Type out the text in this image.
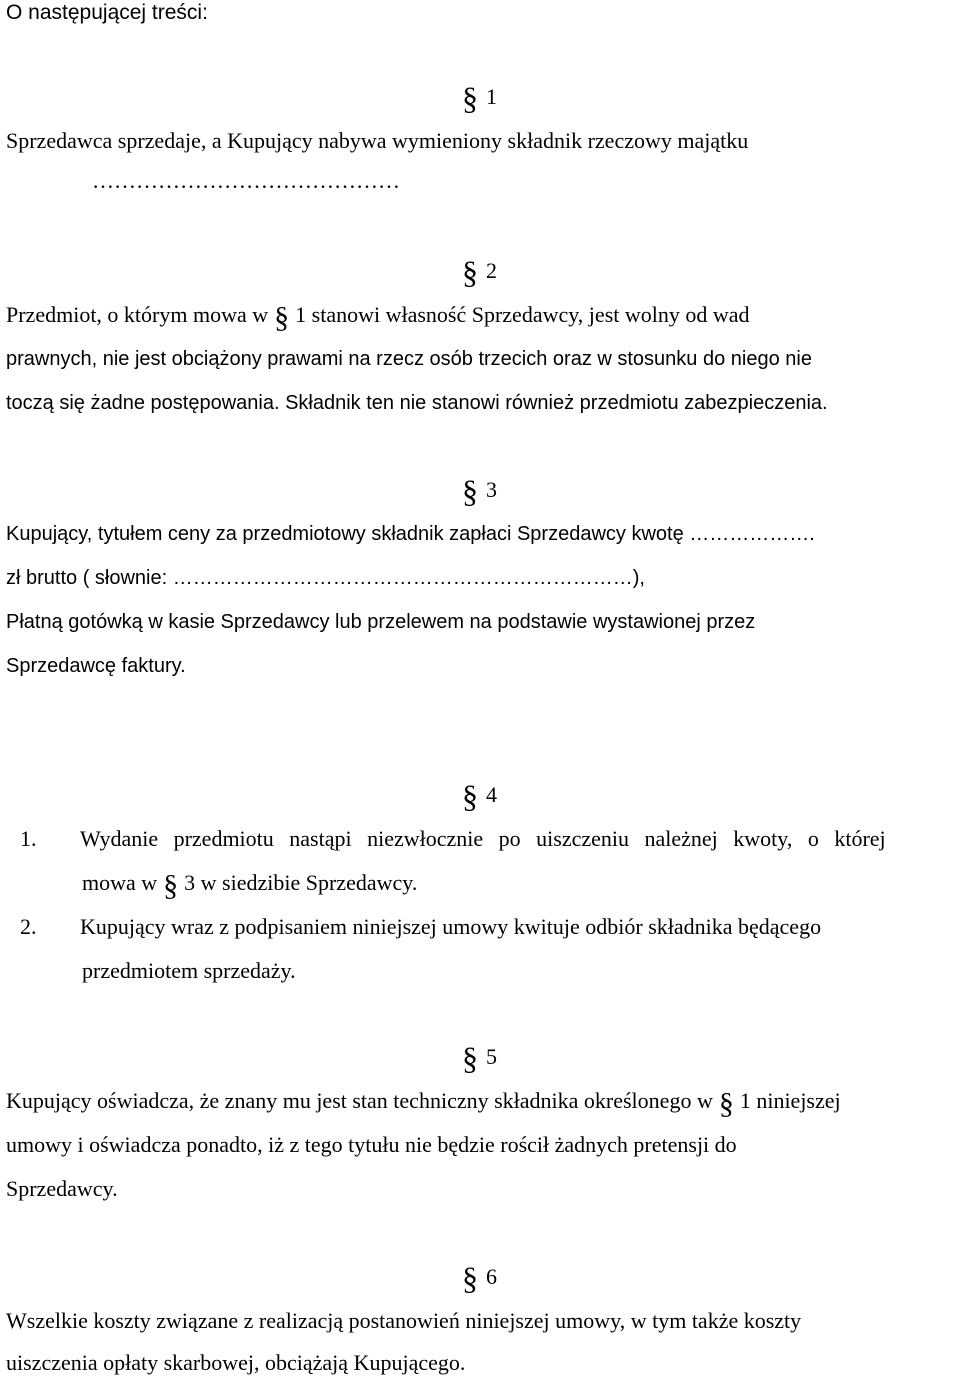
O następującej treści:
§ 1
Sprzedawca sprzedaje, a Kupujący nabywa wymieniony składnik rzeczowy majątku
……………………………………
§ 2
Przedmiot, o którym mowa w § 1 stanowi własność Sprzedawcy, jest wolny od wad
prawnych, nie jest obciążony prawami na rzecz osób trzecich oraz w stosunku do niego nie
toczą się żadne postępowania. Składnik ten nie stanowi również przedmiotu zabezpieczenia.
§ 3
Kupujący, tytułem ceny za przedmiotowy składnik zapłaci Sprzedawcy kwotę ……………….
zł brutto ( słownie: ……………………………………………………………),
Płatną gotówką w kasie Sprzedawcy lub przelewem na podstawie wystawionej przez
Sprzedawcę faktury.
§ 4
1. Wydanie przedmiotu nastąpi niezwłocznie po uiszczeniu należnej kwoty, o której
mowa w § 3 w siedzibie Sprzedawcy.
2. Kupujący wraz z podpisaniem niniejszej umowy kwituje odbiór składnika będącego
przedmiotem sprzedaży.
§ 5
Kupujący oświadcza, że znany mu jest stan techniczny składnika określonego w § 1 niniejszej
umowy i oświadcza ponadto, iż z tego tytułu nie będzie rościł żadnych pretensji do
Sprzedawcy.
§ 6
Wszelkie koszty związane z realizacją postanowień niniejszej umowy, w tym także koszty
uiszczenia opłaty skarbowej, obciążają Kupującego.
